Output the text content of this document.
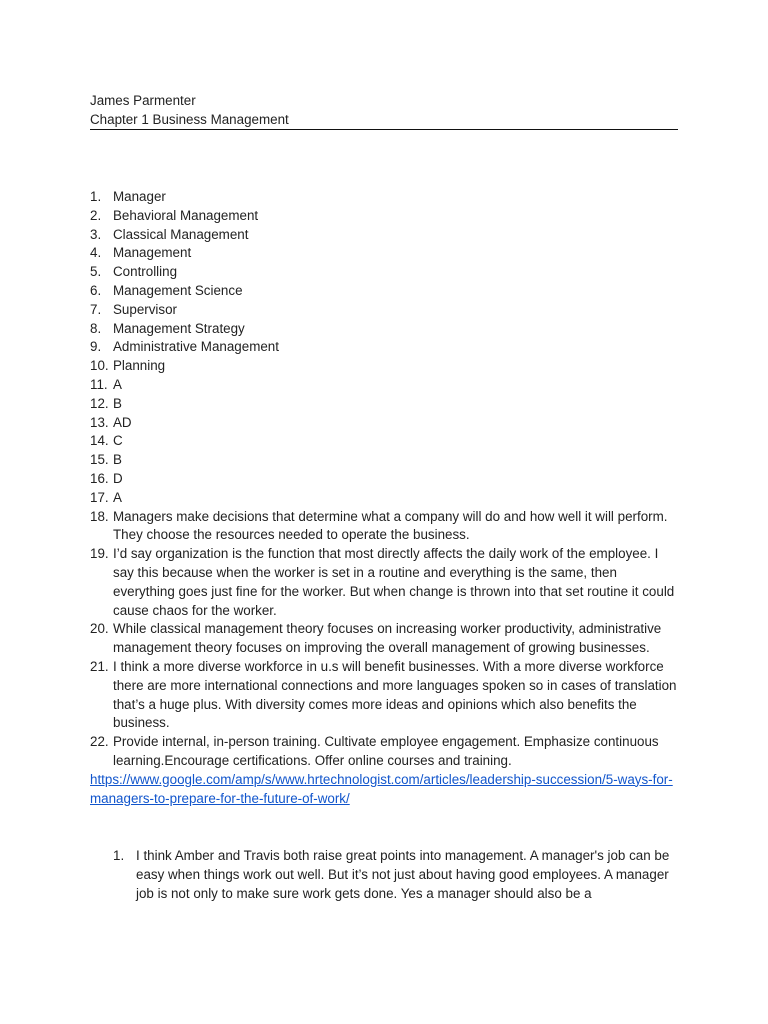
James Parmenter

Chapter 1 Business Management

1. Manager
2. Behavioral Management
3. Classical Management
4. Management
5. Controlling
6. Management Science
7. Supervisor
8. Management Strategy
9. Administrative Management
10. Planning
11. A
12. B
13. AD
14. C
15. B
16. D
17. A
18. Managers make decisions that determine what a company will do and how well it will perform. They choose the resources needed to operate the business.
19. I’d say organization is the function that most directly affects the daily work of the employee. I say this because when the worker is set in a routine and everything is the same, then everything goes just fine for the worker. But when change is thrown into that set routine it could cause chaos for the worker.
20. While classical management theory focuses on increasing worker productivity, administrative management theory focuses on improving the overall management of growing businesses.
21. I think a more diverse workforce in u.s will benefit businesses. With a more diverse workforce there are more international connections and more languages spoken so in cases of translation that’s a huge plus. With diversity comes more ideas and opinions which also benefits the business.
22. Provide internal, in-person training. Cultivate employee engagement. Emphasize continuous learning.Encourage certifications. Offer online courses and training.
https://www.google.com/amp/s/www.hrtechnologist.com/articles/leadership-succession/5-ways-for-managers-to-prepare-for-the-future-of-work/
1. I think Amber and Travis both raise great points into management. A manager's job can be easy when things work out well. But it’s not just about having good employees. A manager job is not only to make sure work gets done. Yes a manager should also be a
